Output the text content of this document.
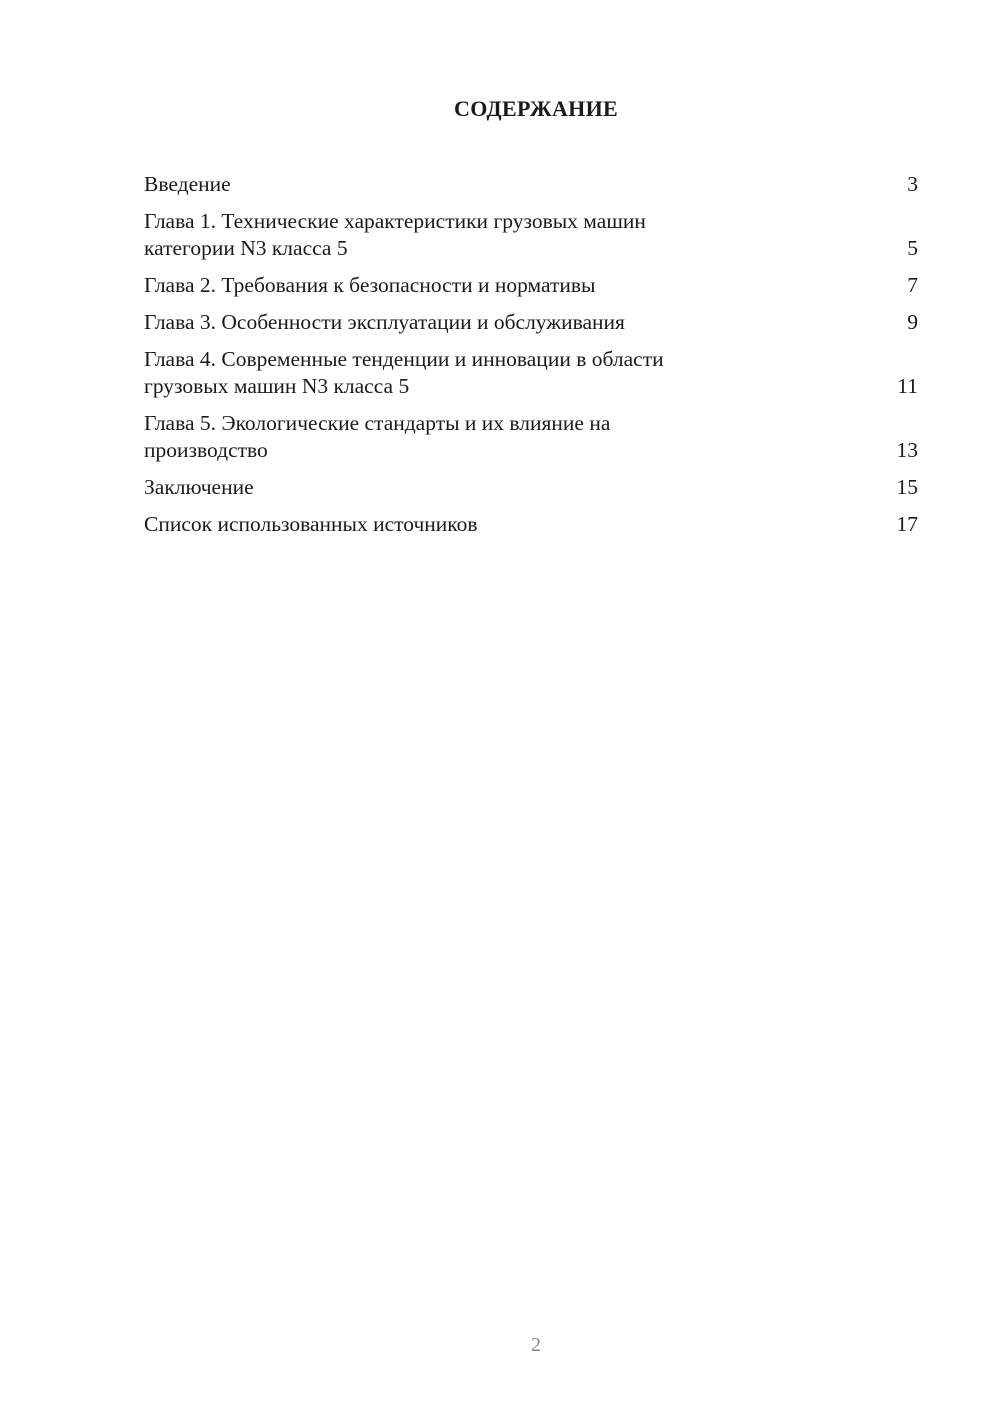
СОДЕРЖАНИЕ
Введение	3
Глава 1. Технические характеристики грузовых машин
категории N3 класса 5	5
Глава 2. Требования к безопасности и нормативы	7
Глава 3. Особенности эксплуатации и обслуживания	9
Глава 4. Современные тенденции и инновации в области
грузовых машин N3 класса 5	11
Глава 5. Экологические стандарты и их влияние на
производство	13
Заключение	15
Список использованных источников	17
2
